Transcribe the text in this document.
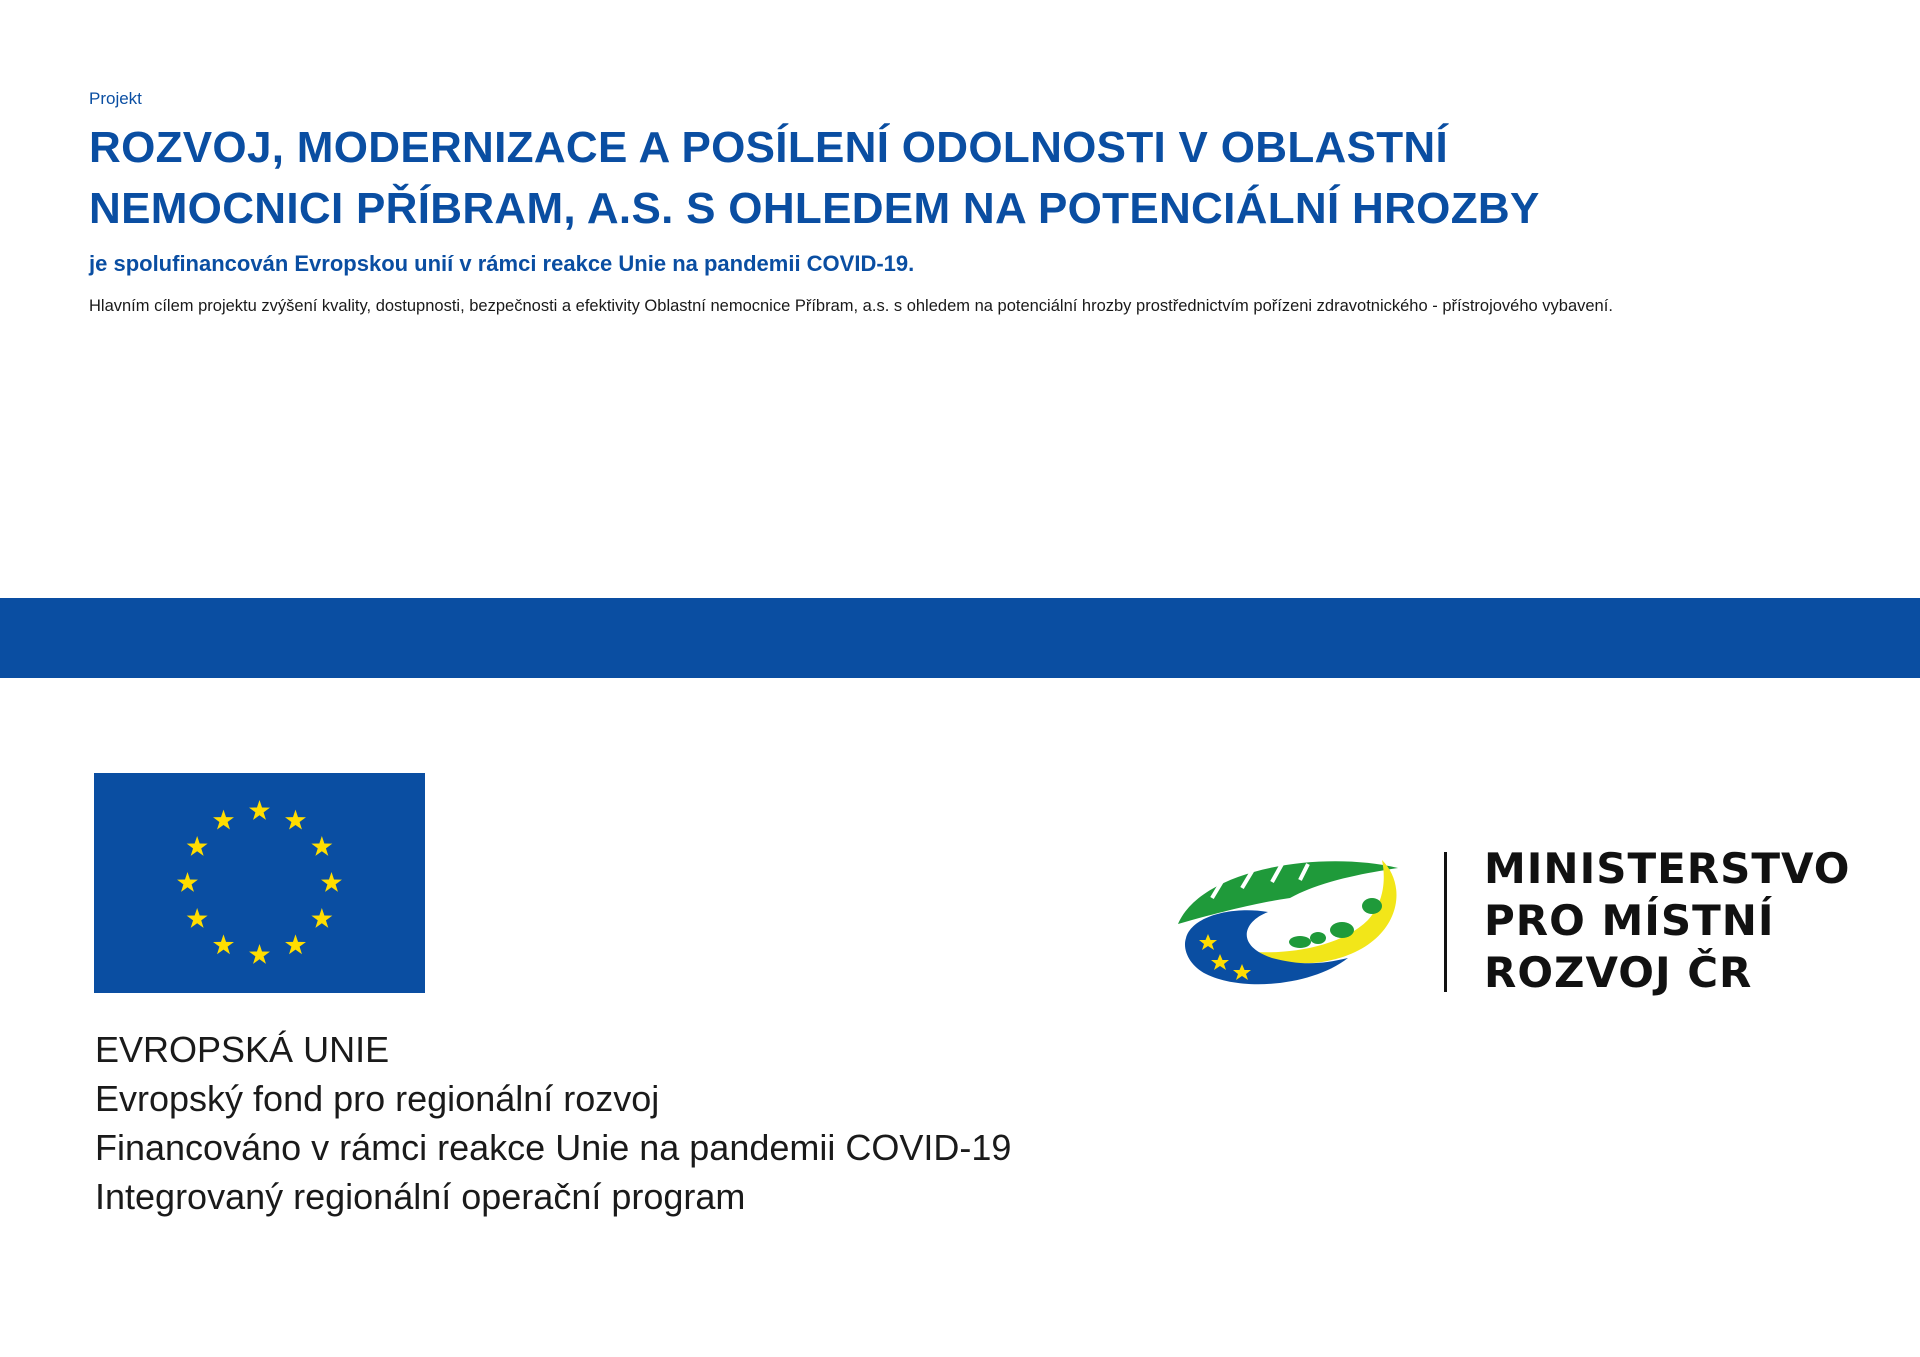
Projekt
ROZVOJ, MODERNIZACE A POSÍLENÍ ODOLNOSTI V OBLASTNÍ
NEMOCNICI PŘÍBRAM, A.S. S OHLEDEM NA POTENCIÁLNÍ HROZBY

je spolufinancován Evropskou unií v rámci reakce Unie na pandemii COVID-19.

Hlavním cílem projektu zvýšení kvality, dostupnosti, bezpečnosti a efektivity Oblastní nemocnice Příbram, a.s. s ohledem na potenciální hrozby prostřednictvím pořízeni zdravotnického - přístrojového vybavení.

EVROPSKÁ UNIE
Evropský fond pro regionální rozvoj
Financováno v rámci reakce Unie na pandemii COVID-19
Integrovaný regionální operační program
MINISTERSTVO
PRO MÍSTNÍ
ROZVOJ ČR
